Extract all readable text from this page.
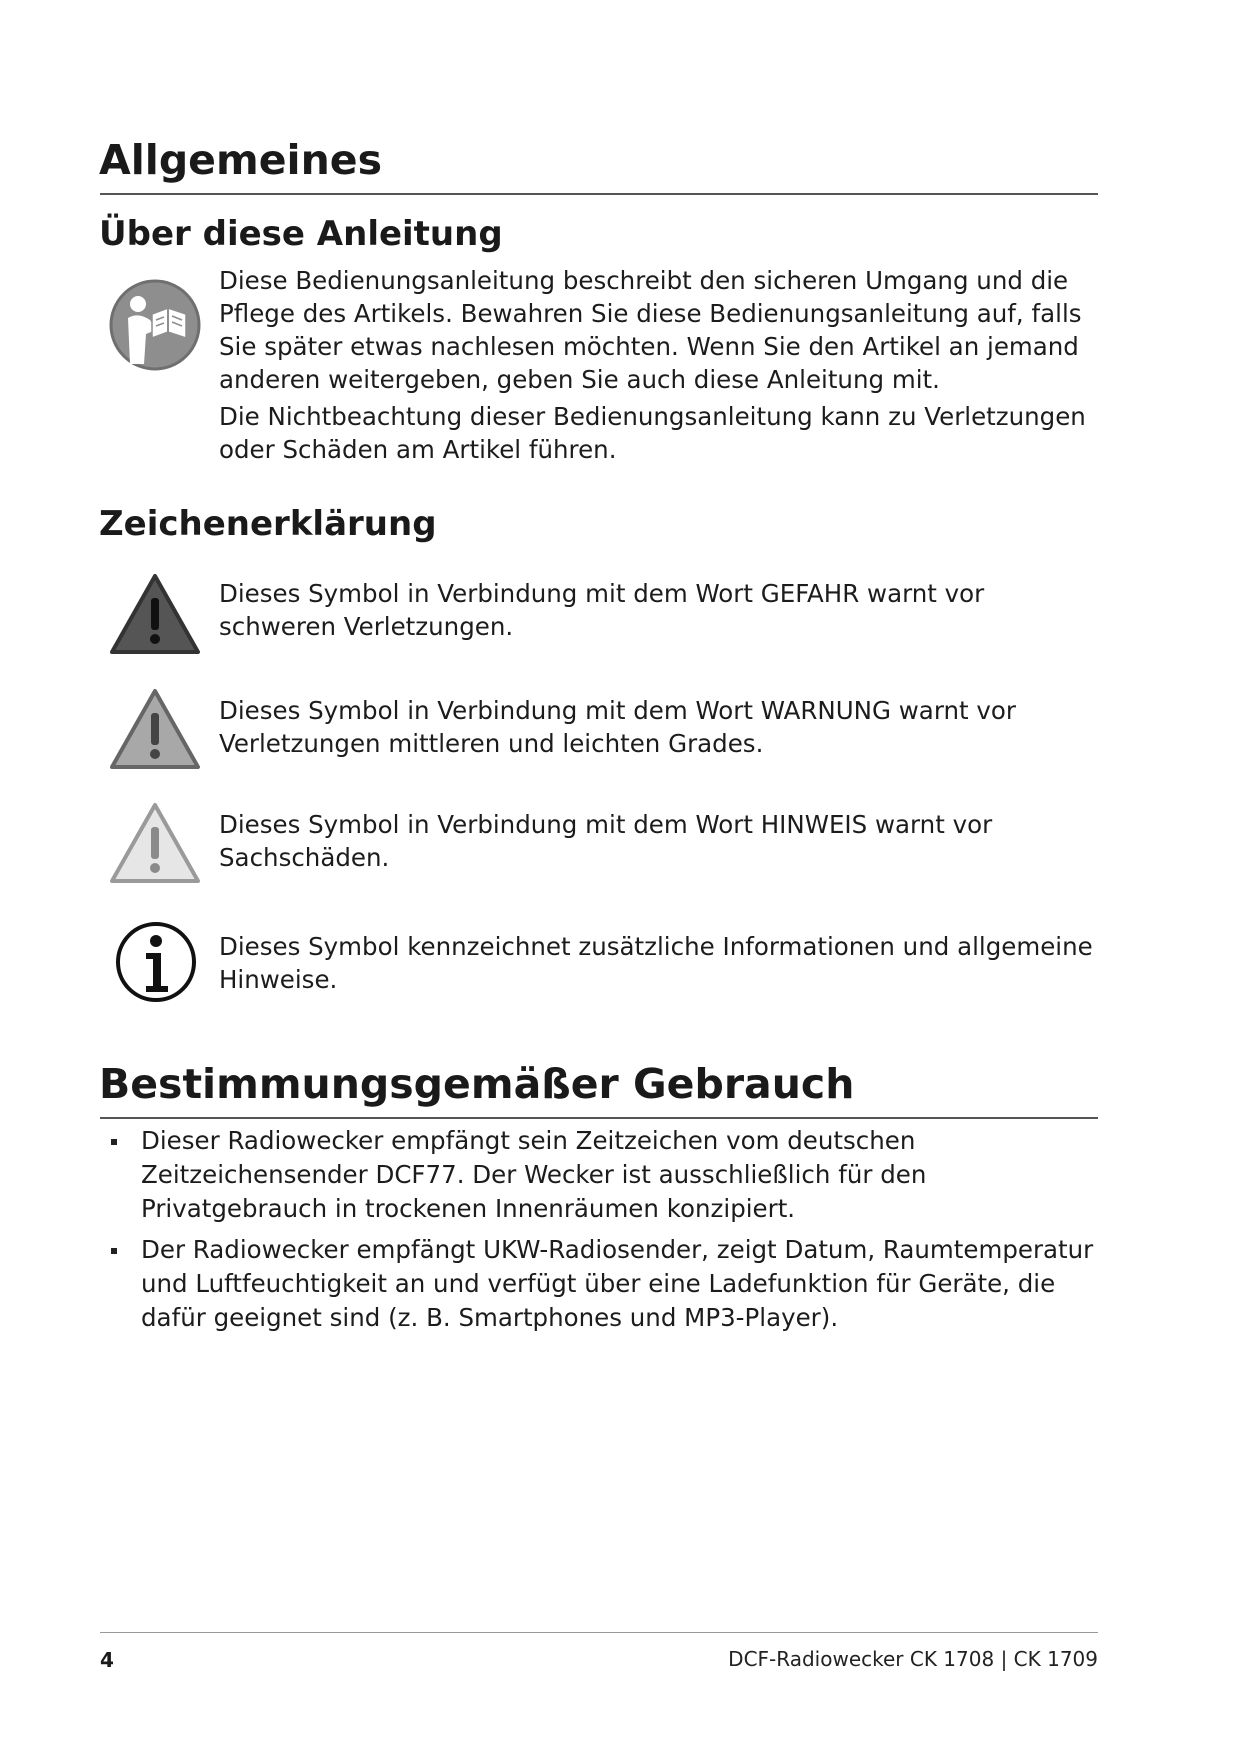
Allgemeines
Über diese Anleitung

Diese Bedienungsanleitung beschreibt den sicheren Umgang und die Pflege des Artikels. Bewahren Sie diese Bedienungsanleitung auf, falls Sie später etwas nachlesen möchten. Wenn Sie den Artikel an jemand anderen weitergeben, geben Sie auch diese Anleitung mit.

Die Nichtbeachtung dieser Bedienungsanleitung kann zu Verletzungen oder Schäden am Artikel führen.

Zeichenerklärung

Dieses Symbol in Verbindung mit dem Wort GEFAHR warnt vor schweren Verletzungen.

Dieses Symbol in Verbindung mit dem Wort WARNUNG warnt vor Verletzungen mittleren und leichten Grades.

Dieses Symbol in Verbindung mit dem Wort HINWEIS warnt vor Sachschäden.

Dieses Symbol kennzeichnet zusätzliche Informationen und allgemeine Hinweise.

Bestimmungsgemäßer Gebrauch
Dieser Radiowecker empfängt sein Zeitzeichen vom deutschen Zeitzeichensender DCF77. Der Wecker ist ausschließlich für den Privatgebrauch in trockenen Innenräumen konzipiert.
Der Radiowecker empfängt UKW-Radiosender, zeigt Datum, Raumtemperatur und Luftfeuchtigkeit an und verfügt über eine Ladefunktion für Geräte, die dafür geeignet sind (z. B. Smartphones und MP3-Player).
4	DCF-Radiowecker CK 1708 | CK 1709
